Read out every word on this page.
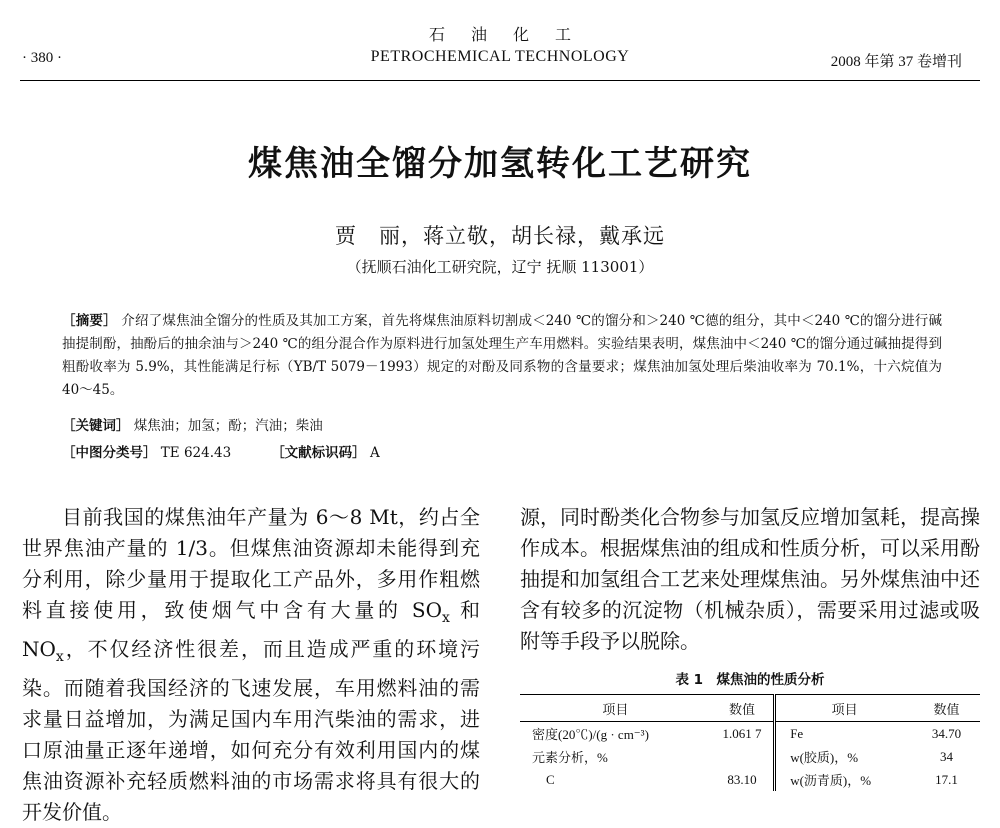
石油化工
· 380 ·	PETROCHEMICAL TECHNOLOGY	2008 年第 37 卷增刊
煤焦油全馏分加氢转化工艺研究
贾　丽，蒋立敬，胡长禄，戴承远
（抚顺石油化工研究院，辽宁 抚顺 113001）
［摘要］ 介绍了煤焦油全馏分的性质及其加工方案，首先将煤焦油原料切割成＜240 ℃的馏分和＞240 ℃德的组分，其中＜240 ℃的馏分进行碱抽提制酚，抽酚后的抽余油与＞240 ℃的组分混合作为原料进行加氢处理生产车用燃料。实验结果表明，煤焦油中＜240 ℃的馏分通过碱抽提得到粗酚收率为 5.9%，其性能满足行标（YB/T 5079－1993）规定的对酚及同系物的含量要求；煤焦油加氢处理后柴油收率为 70.1%，十六烷值为 40～45。
［关键词］ 煤焦油；加氢；酚；汽油；柴油
［中图分类号］ TE 624.43	［文献标识码］ A

目前我国的煤焦油年产量为 6～8 Mt，约占全世界焦油产量的 1/3。但煤焦油资源却未能得到充分利用，除少量用于提取化工产品外，多用作粗燃料直接使用，致使烟气中含有大量的 $SO_x$ 和 $NO_x$，不仅经济性很差，而且造成严重的环境污染。而随着我国经济的飞速发展，车用燃料油的需求量日益增加，为满足国内车用汽柴油的需求，进口原油量正逐年递增，如何充分有效利用国内的煤焦油资源补充轻质燃料油的市场需求将具有很大的开发价值。

源，同时酚类化合物参与加氢反应增加氢耗，提高操作成本。根据煤焦油的组成和性质分析，可以采用酚抽提和加氢组合工艺来处理煤焦油。另外煤焦油中还含有较多的沉淀物（机械杂质），需要采用过滤或吸附等手段予以脱除。

表 1　煤焦油的性质分析
项目	数值	项目	数值
密度(20℃)/(g · cm⁻³)	1.061 7	Fe	34.70
元素分析，%		w(胶质)，%	34
C	83.10	w(沥青质)，%	17.1
